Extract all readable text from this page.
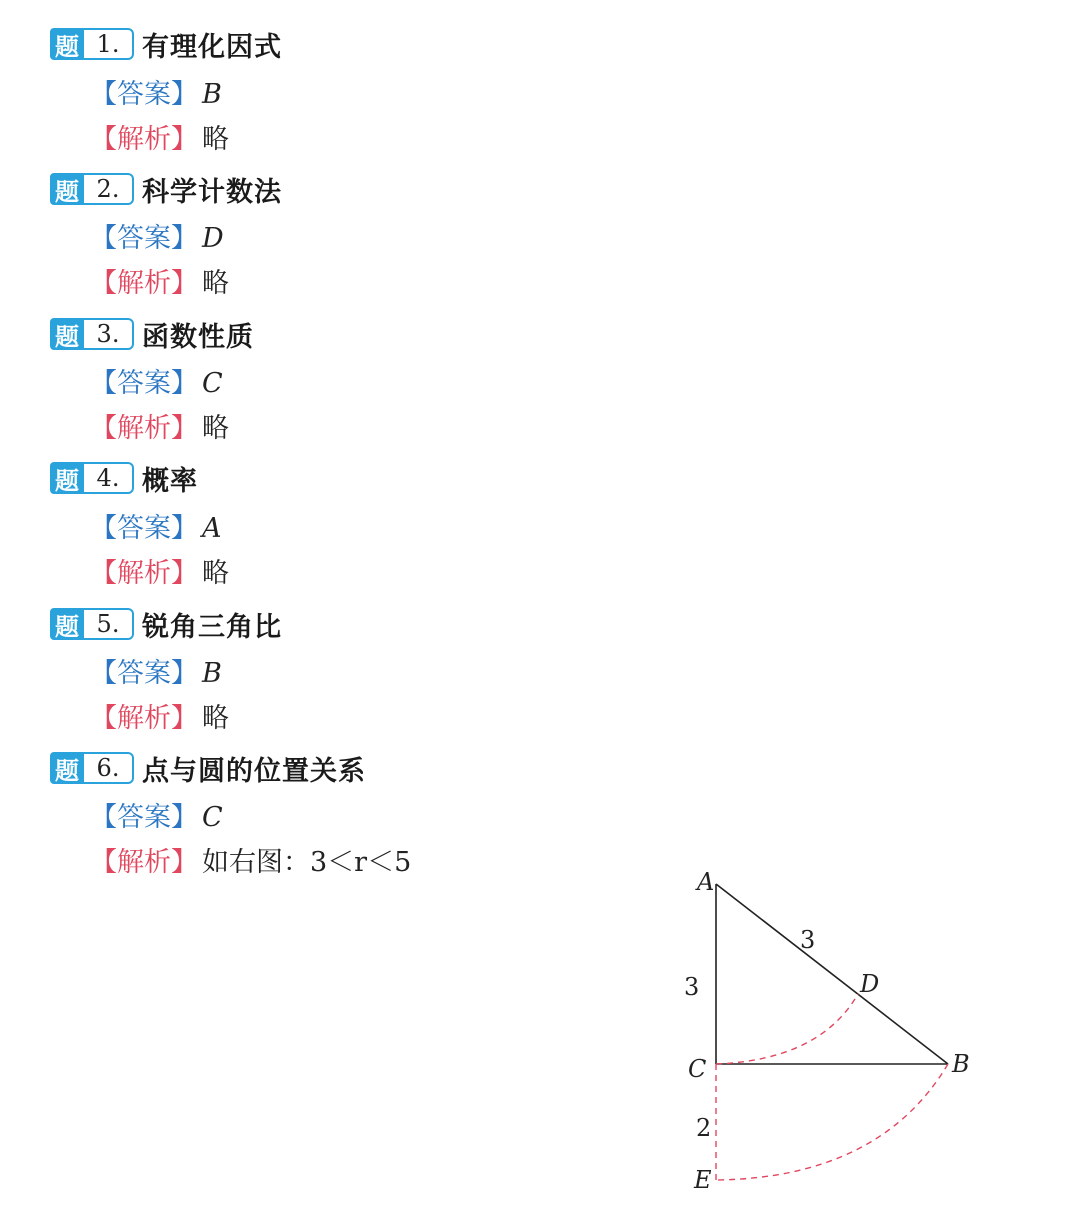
题 1. 有理化因式
【答案】 B
【解析】 略
题 2. 科学计数法
【答案】 D
【解析】 略
题 3. 函数性质
【答案】 C
【解析】 略
题 4. 概率
【答案】 A
【解析】 略
题 5. 锐角三角比
【答案】 B
【解析】 略
题 6. 点与圆的位置关系
【答案】 C
【解析】 如右图：3＜r＜5
A
B
C
D
E
3
3
2
